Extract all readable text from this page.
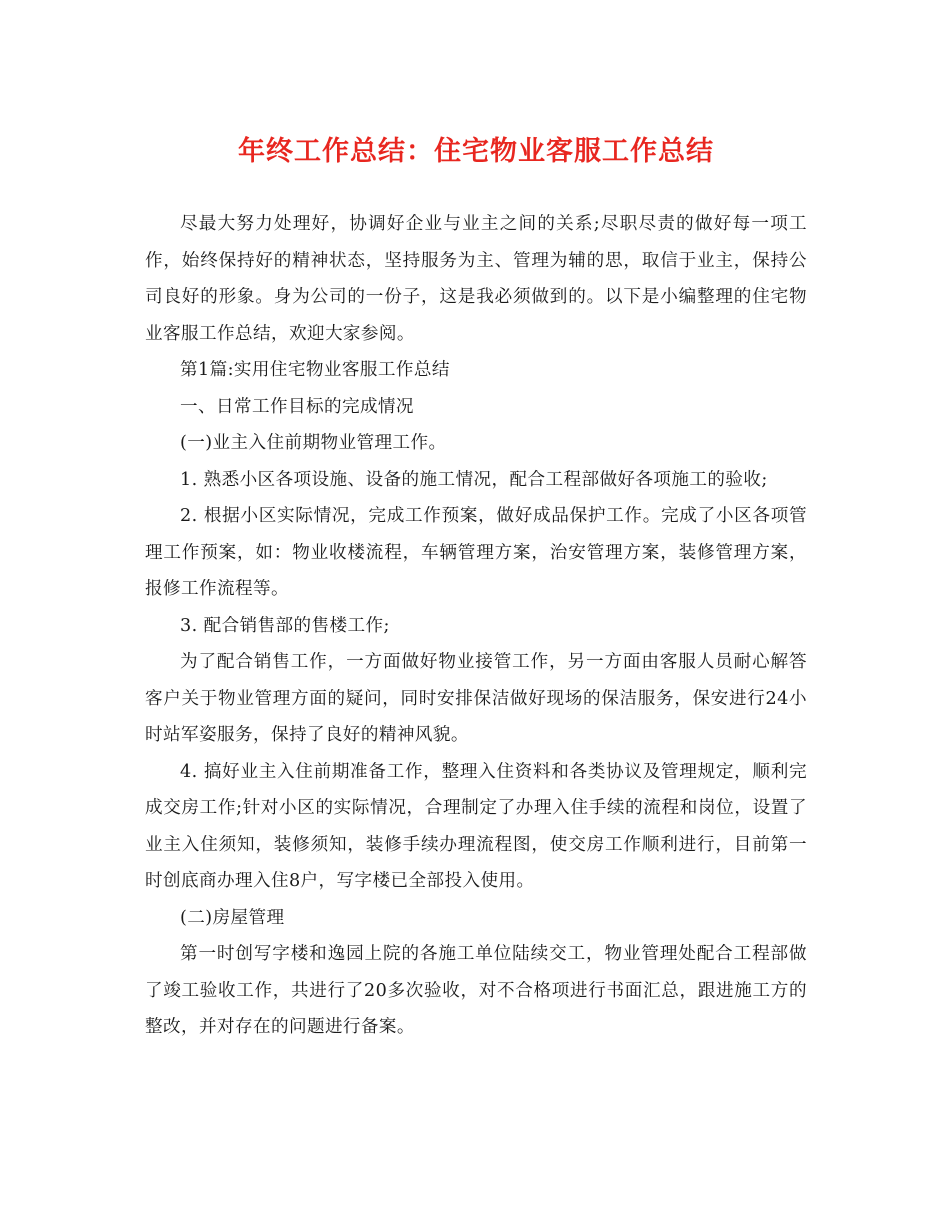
年终工作总结：住宅物业客服工作总结

尽最大努力处理好，协调好企业与业主之间的关系;尽职尽责的做好每一项工作，始终保持好的精神状态，坚持服务为主、管理为辅的思，取信于业主，保持公司良好的形象。身为公司的一份子，这是我必须做到的。以下是小编整理的住宅物业客服工作总结，欢迎大家参阅。

第1篇:实用住宅物业客服工作总结

一、日常工作目标的完成情况

(一)业主入住前期物业管理工作。

1. 熟悉小区各项设施、设备的施工情况，配合工程部做好各项施工的验收;

2. 根据小区实际情况，完成工作预案，做好成品保护工作。完成了小区各项管理工作预案，如：物业收楼流程，车辆管理方案，治安管理方案，装修管理方案，报修工作流程等。

3. 配合销售部的售楼工作;

为了配合销售工作，一方面做好物业接管工作，另一方面由客服人员耐心解答客户关于物业管理方面的疑问，同时安排保洁做好现场的保洁服务，保安进行24小时站军姿服务，保持了良好的精神风貌。

4. 搞好业主入住前期准备工作，整理入住资料和各类协议及管理规定，顺利完成交房工作;针对小区的实际情况，合理制定了办理入住手续的流程和岗位，设置了业主入住须知，装修须知，装修手续办理流程图，使交房工作顺利进行，目前第一时创底商办理入住8户，写字楼已全部投入使用。

(二)房屋管理

第一时创写字楼和逸园上院的各施工单位陆续交工，物业管理处配合工程部做了竣工验收工作，共进行了20多次验收，对不合格项进行书面汇总，跟进施工方的整改，并对存在的问题进行备案。
